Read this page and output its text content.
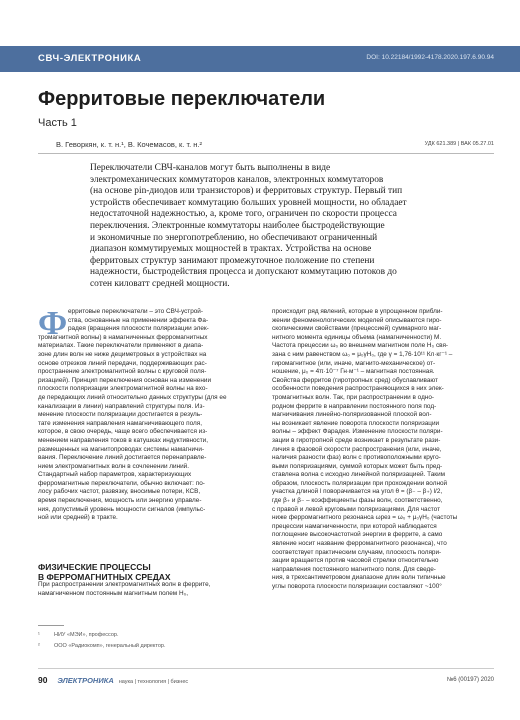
СВЧ-ЭЛЕКТРОНИКА	DOI: 10.22184/1992-4178.2020.197.6.90.94
Ферритовые переключатели
Часть 1
В. Геворкян, к. т. н.¹, В. Кочемасов, к. т. н.²	УДК 621.389 | ВАК 05.27.01
Переключатели СВЧ-каналов могут быть выполнены в виде
электромеханических коммутаторов каналов, электронных коммутаторов
(на основе pin-диодов или транзисторов) и ферритовых структур. Первый тип
устройств обеспечивает коммутацию больших уровней мощности, но обладает
недостаточной надежностью, а, кроме того, ограничен по скорости процесса
переключения. Электронные коммутаторы наиболее быстродействующие
и экономичные по энергопотреблению, но обеспечивают ограниченный
диапазон коммутируемых мощностей в трактах. Устройства на основе
ферритовых структур занимают промежуточное положение по степени
надежности, быстродействия процесса и допускают коммутацию потоков до
сотен киловатт средней мощности.
Ф ерритовые переключатели – это СВЧ-устрой-
ства, основанные на применении эффекта Фа-
радея (вращения плоскости поляризации элек-
тромагнитной волны) в намагниченных ферромагнитных
материалах. Такие переключатели применяют в диапа-
зоне длин волн не ниже дециметровых в устройствах на
основе отрезков линий передачи, поддерживающих рас-
пространение электромагнитной волны с круговой поля-
ризацией). Принцип переключения основан на изменении
плоскости поляризации электромагнитной волны на вхо-
де передающих линий относительно данных структуры (для ее
канализации в линии) направлений структуры поля. Из-
менение плоскости поляризации достигается в резуль-
тате изменения направления намагничивающего поля,
которое, в свою очередь, чаще всего обеспечивается из-
менением направления токов в катушках индуктивности,
размещенных на магнитопроводах системы намагничи-
вания. Переключение линий достигается перенаправле-
нием электромагнитных волн в сочленении линий.
Стандартный набор параметров, характеризующих
ферромагнитные переключатели, обычно включает: по-
лосу рабочих частот, развязку, вносимые потери, КСВ,
время переключения, мощность или энергию управле-
ния, допустимый уровень мощности сигналов (импульс-
ной или средней) в тракте.
ФИЗИЧЕСКИЕ ПРОЦЕССЫ
В ФЕРРОМАГНИТНЫХ СРЕДАХ
При распространении электромагнитных волн в феррите,
намагниченном постоянным магнитным полем H₀,
¹	НИУ «МЭИ», профессор.
²	ООО «Радиокомп», генеральный директор.
происходит ряд явлений, которые в упрощенном прибли-
жении феноменологических моделей описываются гиро-
скопическими свойствами (прецессией) суммарного маг-
нитного момента единицы объема (намагниченности) M.
Частота прецессии ω₀ во внешнем магнитном поле H₀ свя-
зана с ним равенством ω₀ = μ₀γH₀, где γ = 1,76·10¹¹ Кл·кг⁻¹ –
гиромагнитное (или, иначе, магнито-механическое) от-
ношение, μ₀ = 4π·10⁻⁷ Гн·м⁻¹ – магнитная постоянная.
Свойства ферритов (гиротропных сред) обуславливают
особенности поведения распространяющихся в них элек-
тромагнитных волн. Так, при распространении в одно-
родном феррите в направлении постоянного поля под-
магничивания линейно-поляризованной плоской вол-
ны возникает явление поворота плоскости поляризации
волны – эффект Фарадея. Изменение плоскости поляри-
зации в гиротропной среде возникает в результате рази-
личия в фазовой скорости распространения (или, иначе,
наличия разности фаз) волн с противоположными круго-
выми поляризациями, суммой которых может быть пред-
ставлена волна с исходно линейной поляризацией. Таким
образом, плоскость поляризации при прохождении волной
участка длиной l поворачивается на угол θ = (β₋ – β₊) l/2,
где β₊ и β₋ – коэффициенты фазы волн, соответственно,
с правой и левой круговыми поляризациями. Для частот
ниже ферромагнитного резонанса ωрез = ω₀ + μ₀γH₀ (частоты
прецессии намагниченности, при которой наблюдается
поглощение высокочастотной энергии в феррите, а само
явление носит название ферромагнитного резонанса), что
соответствует практическим случаям, плоскость поляри-
зации вращается против часовой стрелки относительно
направления постоянного магнитного поля. Для сведе-
ния, в трехсантиметровом диапазоне длин волн типичные
углы поворота плоскости поляризации составляют ~100°
90 ЭЛЕКТРОНИКА наука | технология | бизнес	№6 (00197) 2020
